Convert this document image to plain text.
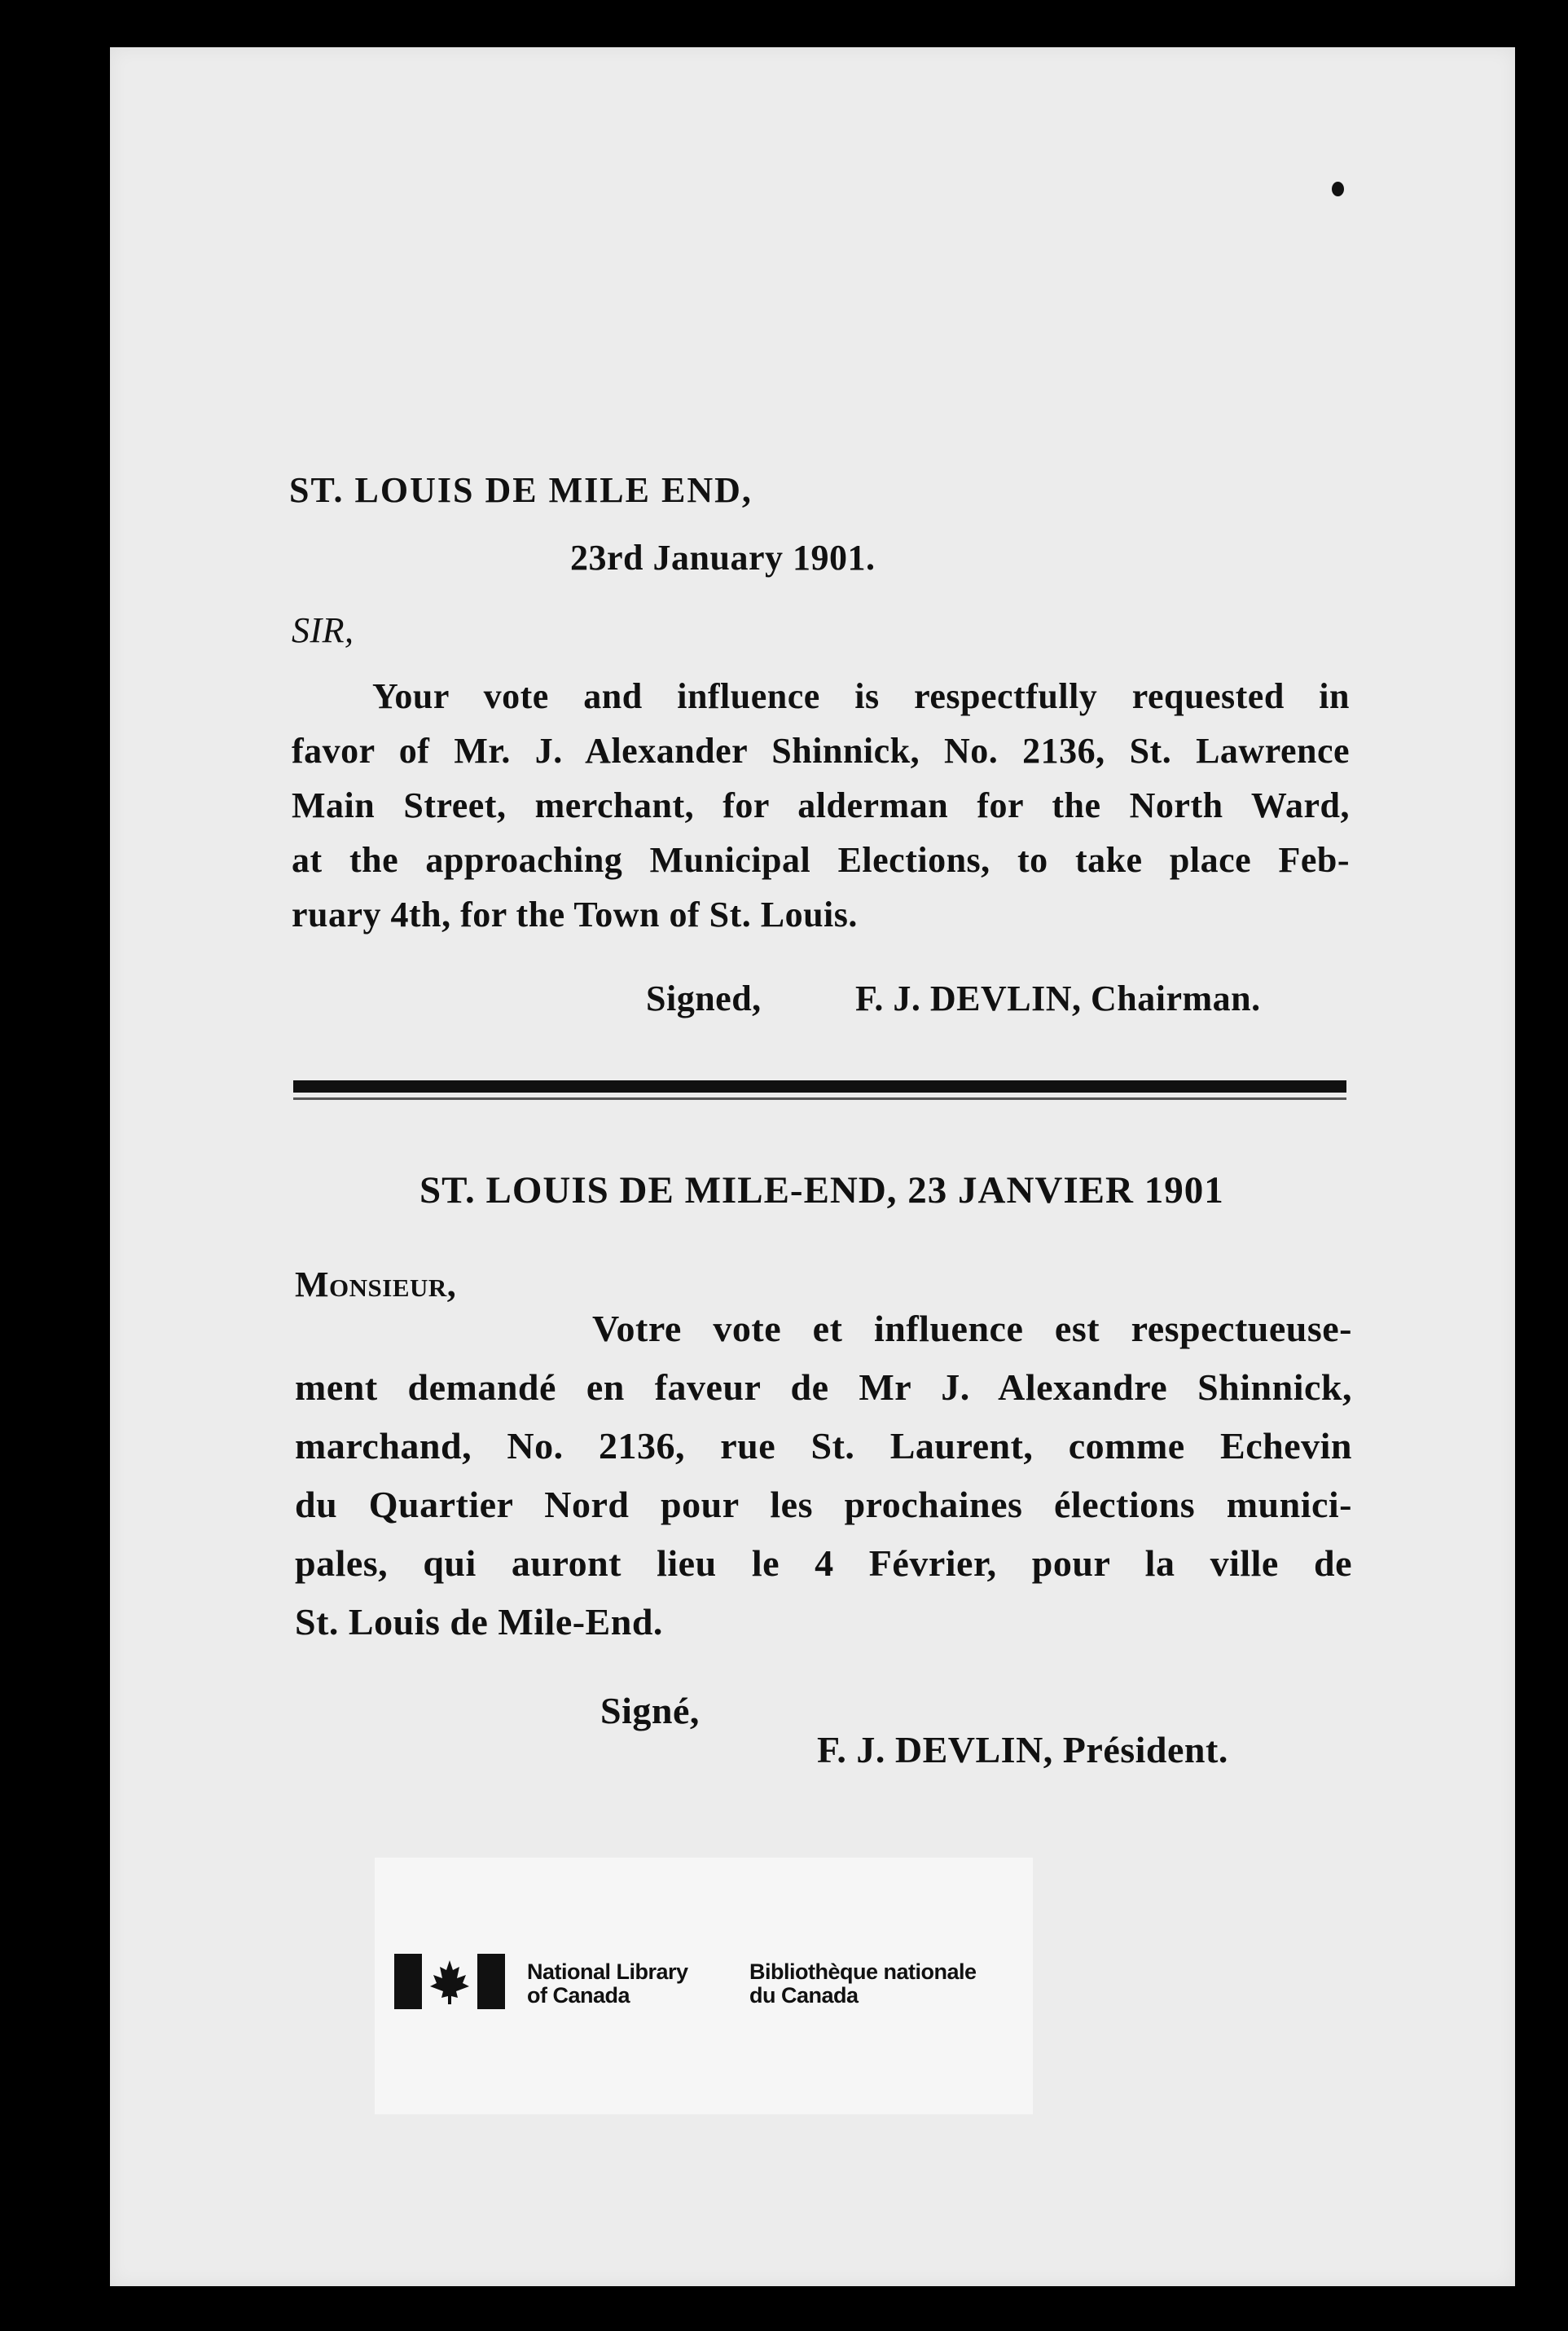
ST. LOUIS DE MILE END,
23rd January 1901.
SIR,
Your vote and influence is respectfully requested in
favor of Mr. J. Alexander Shinnick, No. 2136, St. Lawrence
Main Street, merchant, for alderman for the North Ward,
at the approaching Municipal Elections, to take place Feb-
ruary 4th, for the Town of St. Louis.
Signed,	F. J. DEVLIN, Chairman.
ST. LOUIS DE MILE-END, 23 JANVIER 1901
Monsieur,
Votre vote et influence est respectueuse-
ment demandé en faveur de Mr J. Alexandre Shinnick,
marchand, No. 2136, rue St. Laurent, comme Echevin
du Quartier Nord pour les prochaines élections munici-
pales, qui auront lieu le 4 Février, pour la ville de
St. Louis de Mile-End.
Signé,
F. J. DEVLIN, Président.
National Library
of Canada
Bibliothèque nationale
du Canada
